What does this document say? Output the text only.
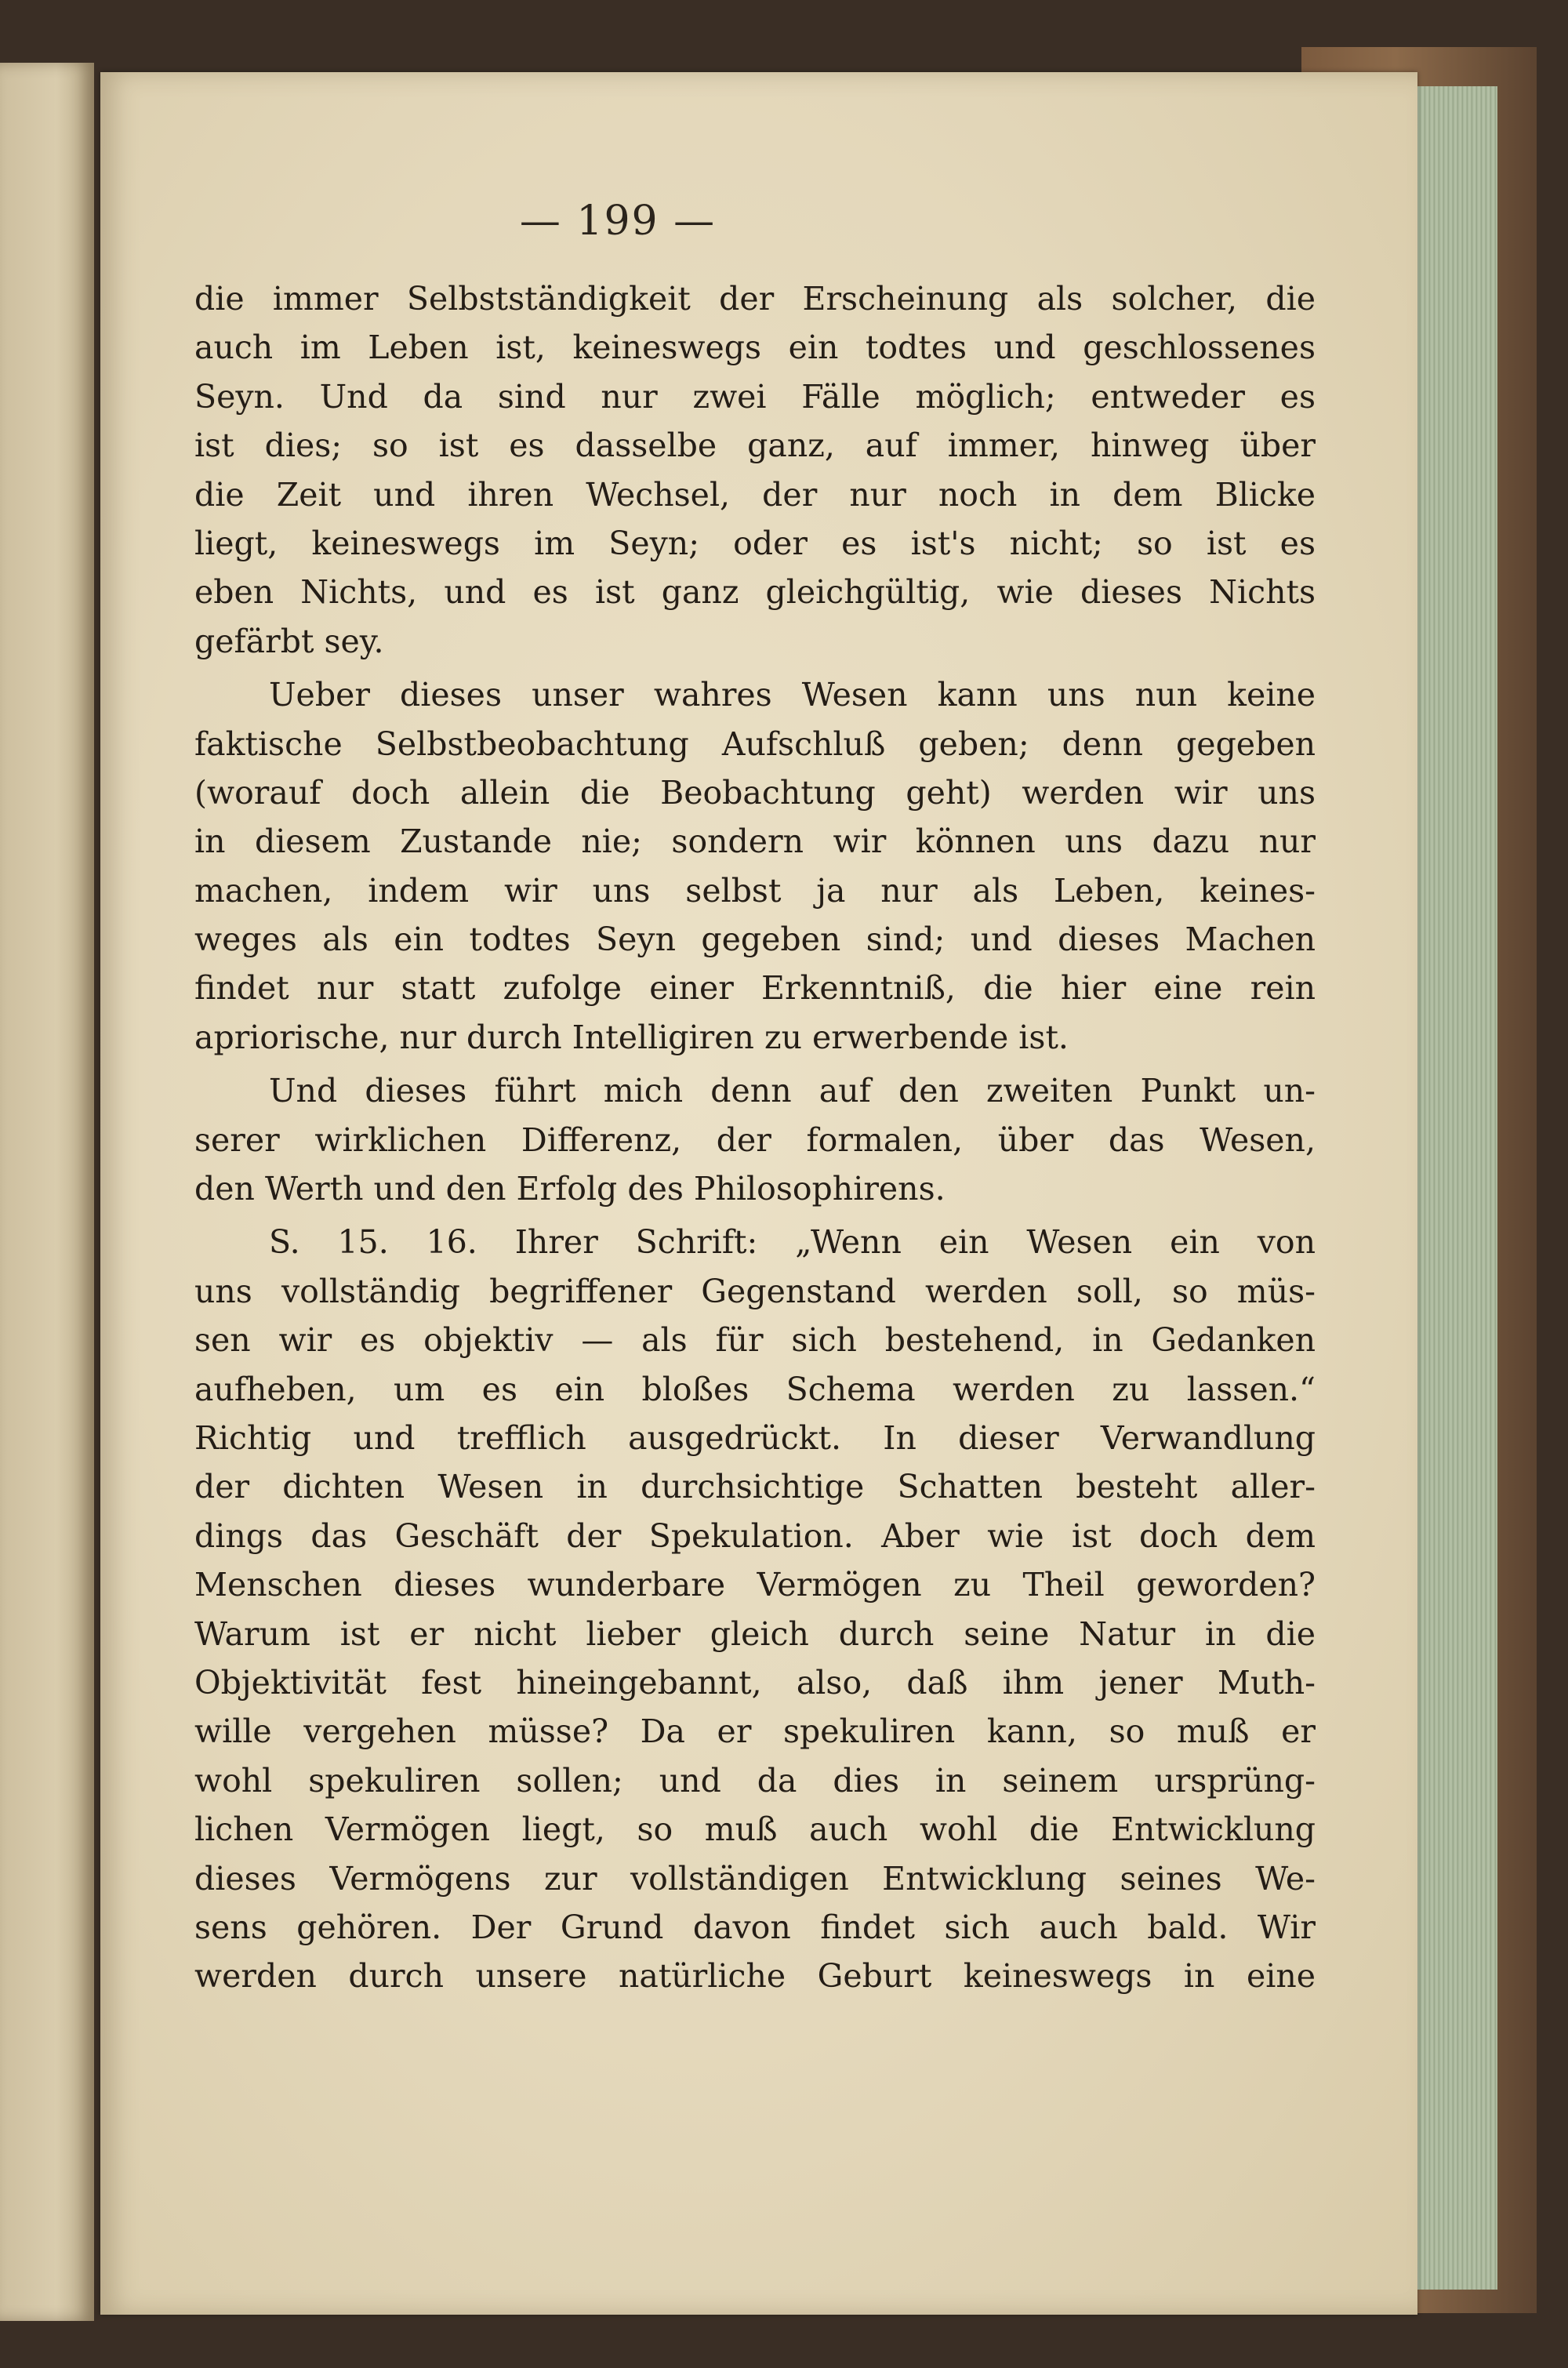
— 199 —
die immer Selbstständigkeit der Erscheinung als solcher, die
auch im Leben ist, keineswegs ein todtes und geschlossenes
Seyn. Und da sind nur zwei Fälle möglich; entweder es
ist dies; so ist es dasselbe ganz, auf immer, hinweg über
die Zeit und ihren Wechsel, der nur noch in dem Blicke
liegt, keineswegs im Seyn; oder es ist's nicht; so ist es
eben Nichts, und es ist ganz gleichgültig, wie dieses Nichts
gefärbt sey.
Ueber dieses unser wahres Wesen kann uns nun keine
faktische Selbstbeobachtung Aufschluß geben; denn gegeben
(worauf doch allein die Beobachtung geht) werden wir uns
in diesem Zustande nie; sondern wir können uns dazu nur
machen, indem wir uns selbst ja nur als Leben, keines-
weges als ein todtes Seyn gegeben sind; und dieses Machen
findet nur statt zufolge einer Erkenntniß, die hier eine rein
apriorische, nur durch Intelligiren zu erwerbende ist.
Und dieses führt mich denn auf den zweiten Punkt un-
serer wirklichen Differenz, der formalen, über das Wesen,
den Werth und den Erfolg des Philosophirens.
S. 15. 16. Ihrer Schrift: „Wenn ein Wesen ein von
uns vollständig begriffener Gegenstand werden soll, so müs-
sen wir es objektiv — als für sich bestehend, in Gedanken
aufheben, um es ein bloßes Schema werden zu lassen.“
Richtig und trefflich ausgedrückt. In dieser Verwandlung
der dichten Wesen in durchsichtige Schatten besteht aller-
dings das Geschäft der Spekulation. Aber wie ist doch dem
Menschen dieses wunderbare Vermögen zu Theil geworden?
Warum ist er nicht lieber gleich durch seine Natur in die
Objektivität fest hineingebannt, also, daß ihm jener Muth-
wille vergehen müsse? Da er spekuliren kann, so muß er
wohl spekuliren sollen; und da dies in seinem ursprüng-
lichen Vermögen liegt, so muß auch wohl die Entwicklung
dieses Vermögens zur vollständigen Entwicklung seines We-
sens gehören. Der Grund davon findet sich auch bald. Wir
werden durch unsere natürliche Geburt keineswegs in eine
